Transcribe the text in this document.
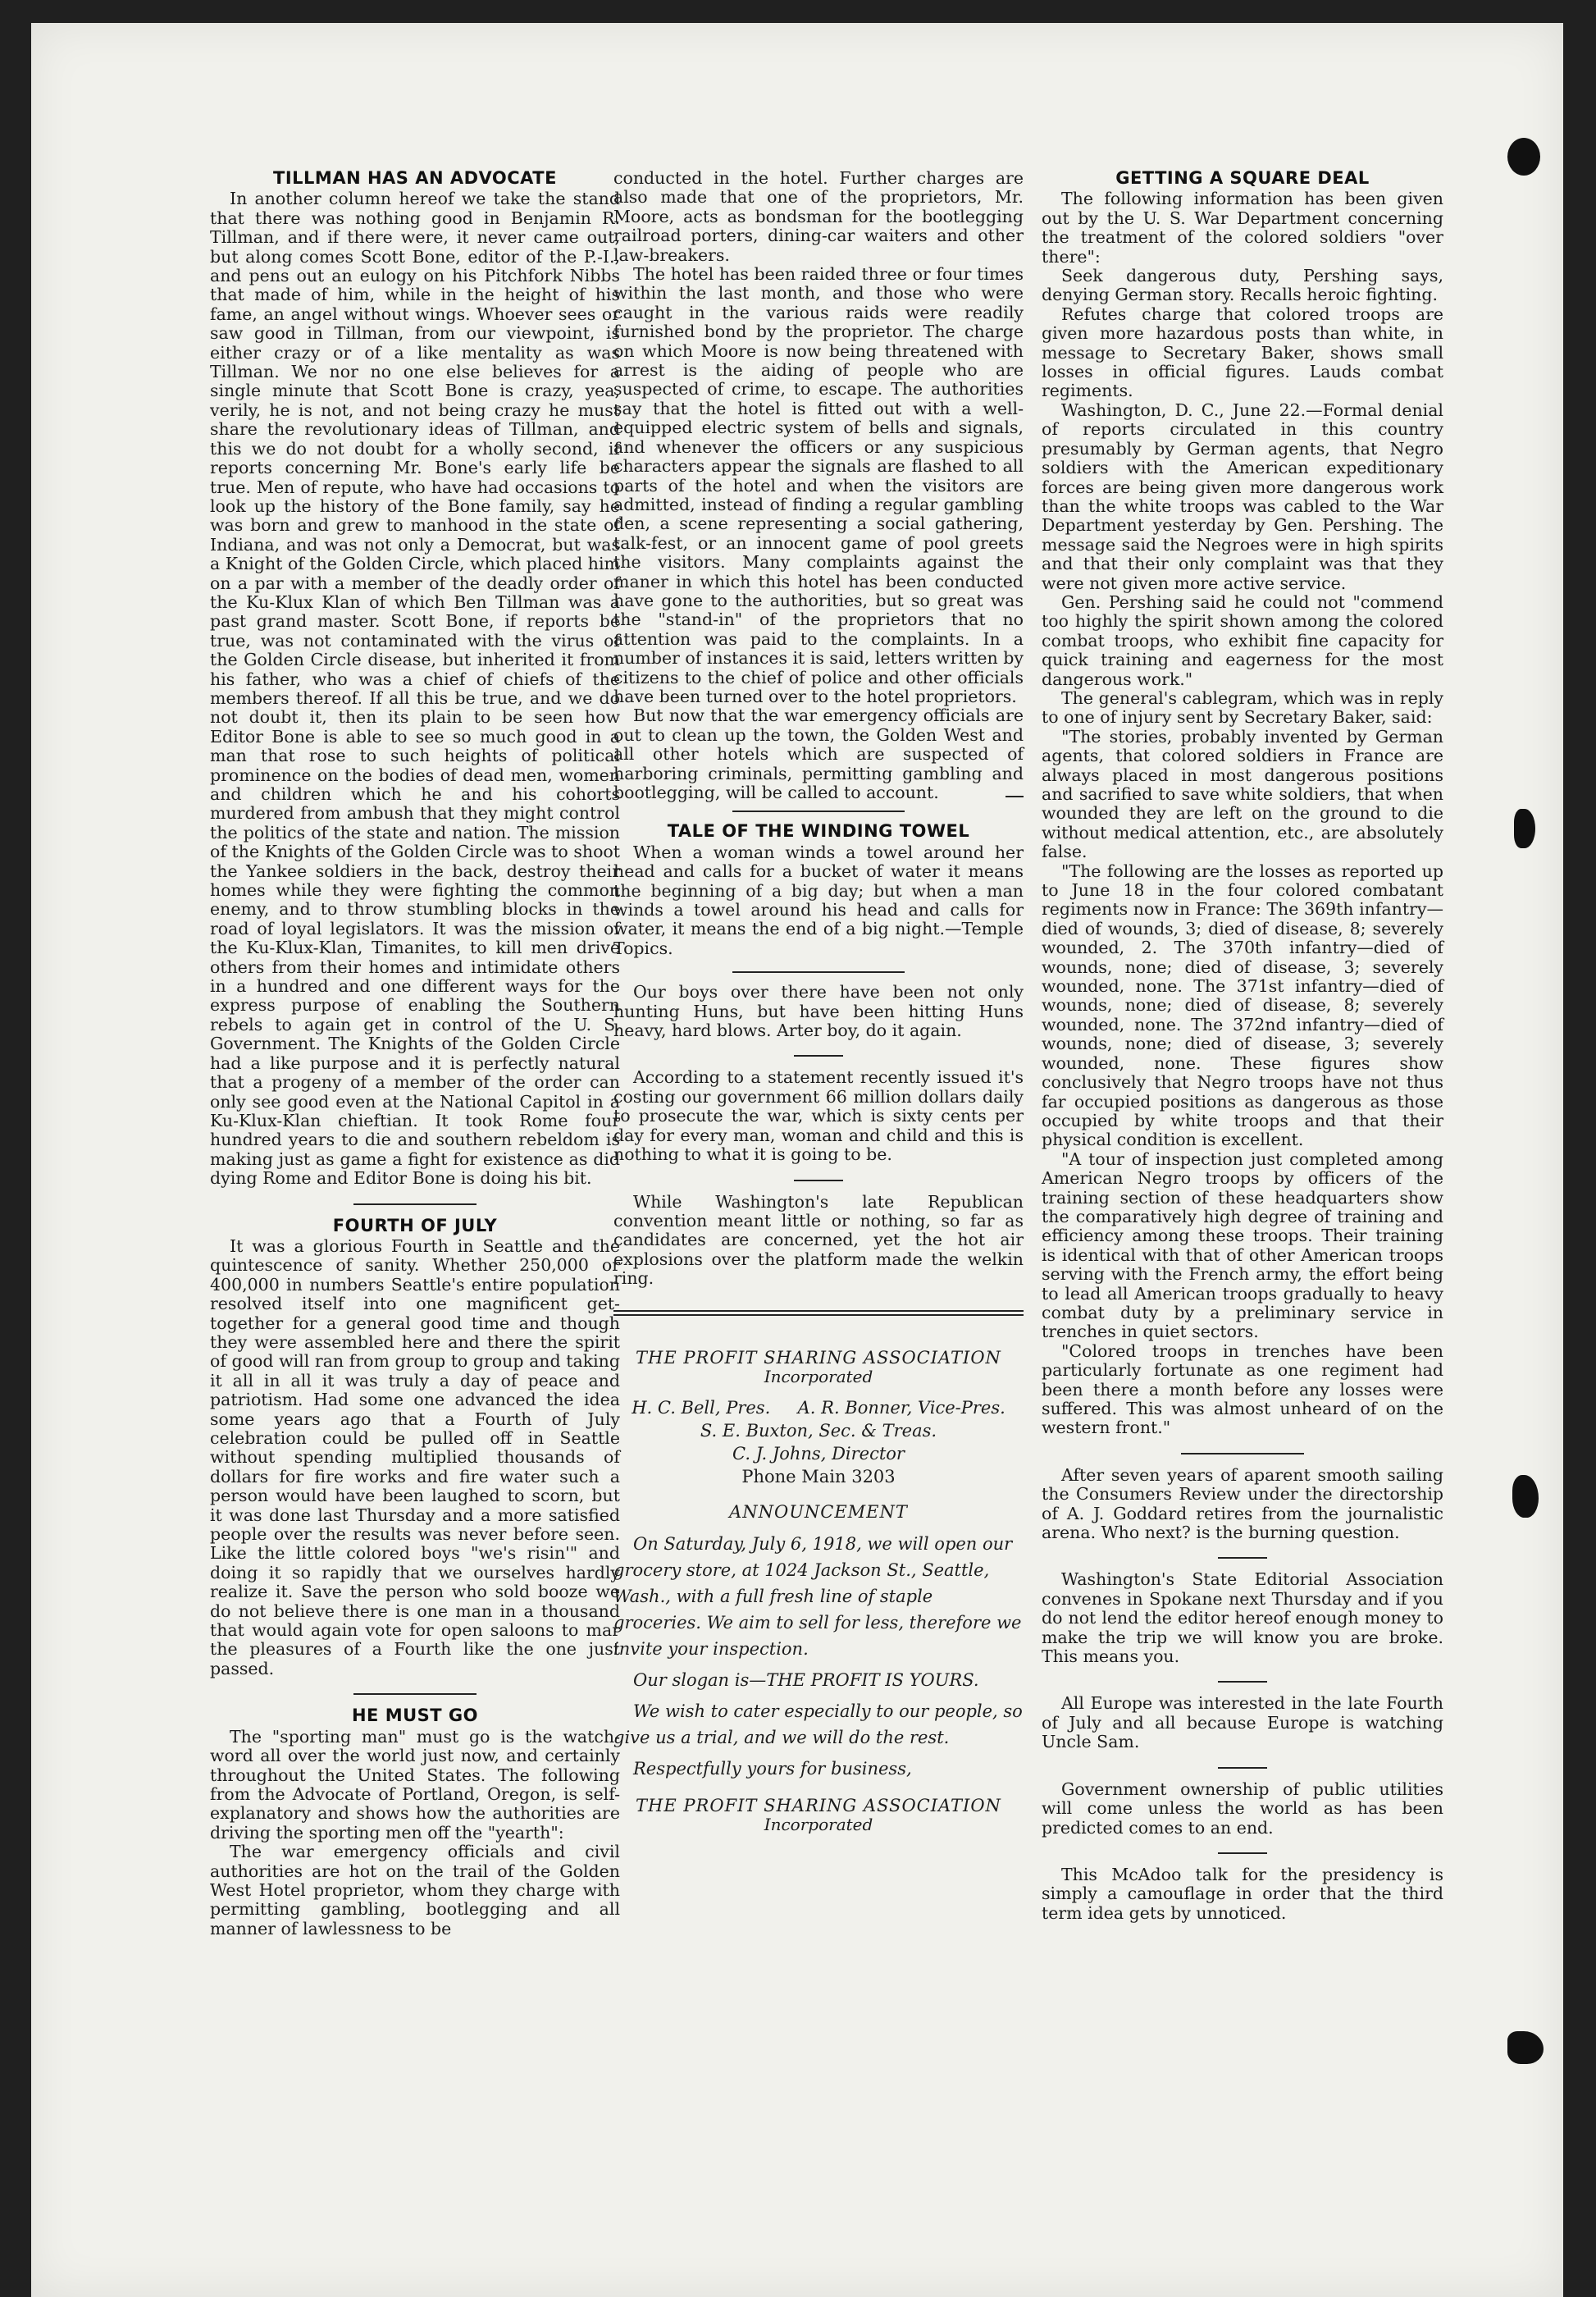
TILLMAN HAS AN ADVOCATE

In another column hereof we take the stand that there was nothing good in Benjamin R. Tillman, and if there were, it never came out, but along comes Scott Bone, editor of the P.-I., and pens out an eulogy on his Pitchfork Nibbs that made of him, while in the height of his fame, an angel without wings. Whoever sees or saw good in Tillman, from our viewpoint, is either crazy or of a like mentality as was Tillman. We nor no one else believes for a single minute that Scott Bone is crazy, yea, verily, he is not, and not being crazy he must share the revolutionary ideas of Tillman, and this we do not doubt for a wholly second, if reports concerning Mr. Bone's early life be true. Men of repute, who have had occasions to look up the history of the Bone family, say he was born and grew to manhood in the state of Indiana, and was not only a Democrat, but was a Knight of the Golden Circle, which placed him on a par with a member of the deadly order of the Ku-Klux Klan of which Ben Tillman was a past grand master. Scott Bone, if reports be true, was not contaminated with the virus of the Golden Circle disease, but inherited it from his father, who was a chief of chiefs of the members thereof. If all this be true, and we do not doubt it, then its plain to be seen how Editor Bone is able to see so much good in a man that rose to such heights of political prominence on the bodies of dead men, women and children which he and his cohorts murdered from ambush that they might control the politics of the state and nation. The mission of the Knights of the Golden Circle was to shoot the Yankee soldiers in the back, destroy their homes while they were fighting the common enemy, and to throw stumbling blocks in the road of loyal legislators. It was the mission of the Ku-Klux-Klan, Timanites, to kill men drive others from their homes and intimidate others in a hundred and one different ways for the express purpose of enabling the Southern rebels to again get in control of the U. S. Government. The Knights of the Golden Circle had a like purpose and it is perfectly natural that a progeny of a member of the order can only see good even at the National Capitol in a Ku-Klux-Klan chieftian. It took Rome four hundred years to die and southern rebeldom is making just as game a fight for existence as did dying Rome and Editor Bone is doing his bit.

FOURTH OF JULY

It was a glorious Fourth in Seattle and the quintescence of sanity. Whether 250,000 or 400,000 in numbers Seattle's entire population resolved itself into one magnificent get-together for a general good time and though they were assembled here and there the spirit of good will ran from group to group and taking it all in all it was truly a day of peace and patriotism. Had some one advanced the idea some years ago that a Fourth of July celebration could be pulled off in Seattle without spending multiplied thousands of dollars for fire works and fire water such a person would have been laughed to scorn, but it was done last Thursday and a more satisfied people over the results was never before seen. Like the little colored boys "we's risin'" and doing it so rapidly that we ourselves hardly realize it. Save the person who sold booze we do not believe there is one man in a thousand that would again vote for open saloons to mar the pleasures of a Fourth like the one just passed.

HE MUST GO

The "sporting man" must go is the watch-word all over the world just now, and certainly throughout the United States. The following from the Advocate of Portland, Oregon, is self-explanatory and shows how the authorities are driving the sporting men off the "yearth":

The war emergency officials and civil authorities are hot on the trail of the Golden West Hotel proprietor, whom they charge with permitting gambling, bootlegging and all manner of lawlessness to be

conducted in the hotel. Further charges are also made that one of the proprietors, Mr. Moore, acts as bondsman for the bootlegging railroad porters, dining-car waiters and other law-breakers.

The hotel has been raided three or four times within the last month, and those who were caught in the various raids were readily furnished bond by the proprietor. The charge on which Moore is now being threatened with arrest is the aiding of people who are suspected of crime, to escape. The authorities say that the hotel is fitted out with a well-equipped electric system of bells and signals, and whenever the officers or any suspicious characters appear the signals are flashed to all parts of the hotel and when the visitors are admitted, instead of finding a regular gambling den, a scene representing a social gathering, talk-fest, or an innocent game of pool greets the visitors. Many complaints against the maner in which this hotel has been conducted have gone to the authorities, but so great was the "stand-in" of the proprietors that no attention was paid to the complaints. In a number of instances it is said, letters written by citizens to the chief of police and other officials have been turned over to the hotel proprietors.

But now that the war emergency officials are out to clean up the town, the Golden West and all other hotels which are suspected of harboring criminals, permitting gambling and bootlegging, will be called to account.

TALE OF THE WINDING TOWEL

When a woman winds a towel around her head and calls for a bucket of water it means the beginning of a big day; but when a man winds a towel around his head and calls for water, it means the end of a big night.—Temple Topics.

Our boys over there have been not only hunting Huns, but have been hitting Huns heavy, hard blows. Arter boy, do it again.

According to a statement recently issued it's costing our government 66 million dollars daily to prosecute the war, which is sixty cents per day for every man, woman and child and this is nothing to what it is going to be.

While Washington's late Republican convention meant little or nothing, so far as candidates are concerned, yet the hot air explosions over the platform made the welkin ring.

THE PROFIT SHARING ASSOCIATION
Incorporated
H. C. Bell, Pres.     A. R. Bonner, Vice-Pres.
S. E. Buxton, Sec. & Treas.
C. J. Johns, Director
Phone Main 3203
ANNOUNCEMENT
On Saturday, July 6, 1918, we will open our grocery store, at 1024 Jackson St., Seattle, Wash., with a full fresh line of staple groceries. We aim to sell for less, therefore we invite your inspection.
Our slogan is—THE PROFIT IS YOURS.
We wish to cater especially to our people, so give us a trial, and we will do the rest.
Respectfully yours for business,
THE PROFIT SHARING ASSOCIATION
Incorporated
GETTING A SQUARE DEAL

The following information has been given out by the U. S. War Department concerning the treatment of the colored soldiers "over there":

Seek dangerous duty, Pershing says, denying German story. Recalls heroic fighting.

Refutes charge that colored troops are given more hazardous posts than white, in message to Secretary Baker, shows small losses in official figures. Lauds combat regiments.

Washington, D. C., June 22.—Formal denial of reports circulated in this country presumably by German agents, that Negro soldiers with the American expeditionary forces are being given more dangerous work than the white troops was cabled to the War Department yesterday by Gen. Pershing. The message said the Negroes were in high spirits and that their only complaint was that they were not given more active service.

Gen. Pershing said he could not "commend too highly the spirit shown among the colored combat troops, who exhibit fine capacity for quick training and eagerness for the most dangerous work."

The general's cablegram, which was in reply to one of injury sent by Secretary Baker, said:

"The stories, probably invented by German agents, that colored soldiers in France are always placed in most dangerous positions and sacrified to save white soldiers, that when wounded they are left on the ground to die without medical attention, etc., are absolutely false.

"The following are the losses as reported up to June 18 in the four colored combatant regiments now in France: The 369th infantry—died of wounds, 3; died of disease, 8; severely wounded, 2. The 370th infantry—died of wounds, none; died of disease, 3; severely wounded, none. The 371st infantry—died of wounds, none; died of disease, 8; severely wounded, none. The 372nd infantry—died of wounds, none; died of disease, 3; severely wounded, none. These figures show conclusively that Negro troops have not thus far occupied positions as dangerous as those occupied by white troops and that their physical condition is excellent.

"A tour of inspection just completed among American Negro troops by officers of the training section of these headquarters show the comparatively high degree of training and efficiency among these troops. Their training is identical with that of other American troops serving with the French army, the effort being to lead all American troops gradually to heavy combat duty by a preliminary service in trenches in quiet sectors.

"Colored troops in trenches have been particularly fortunate as one regiment had been there a month before any losses were suffered. This was almost unheard of on the western front."

After seven years of aparent smooth sailing the Consumers Review under the directorship of A. J. Goddard retires from the journalistic arena. Who next? is the burning question.

Washington's State Editorial Association convenes in Spokane next Thursday and if you do not lend the editor hereof enough money to make the trip we will know you are broke. This means you.

All Europe was interested in the late Fourth of July and all because Europe is watching Uncle Sam.

Government ownership of public utilities will come unless the world as has been predicted comes to an end.

This McAdoo talk for the presidency is simply a camouflage in order that the third term idea gets by unnoticed.
